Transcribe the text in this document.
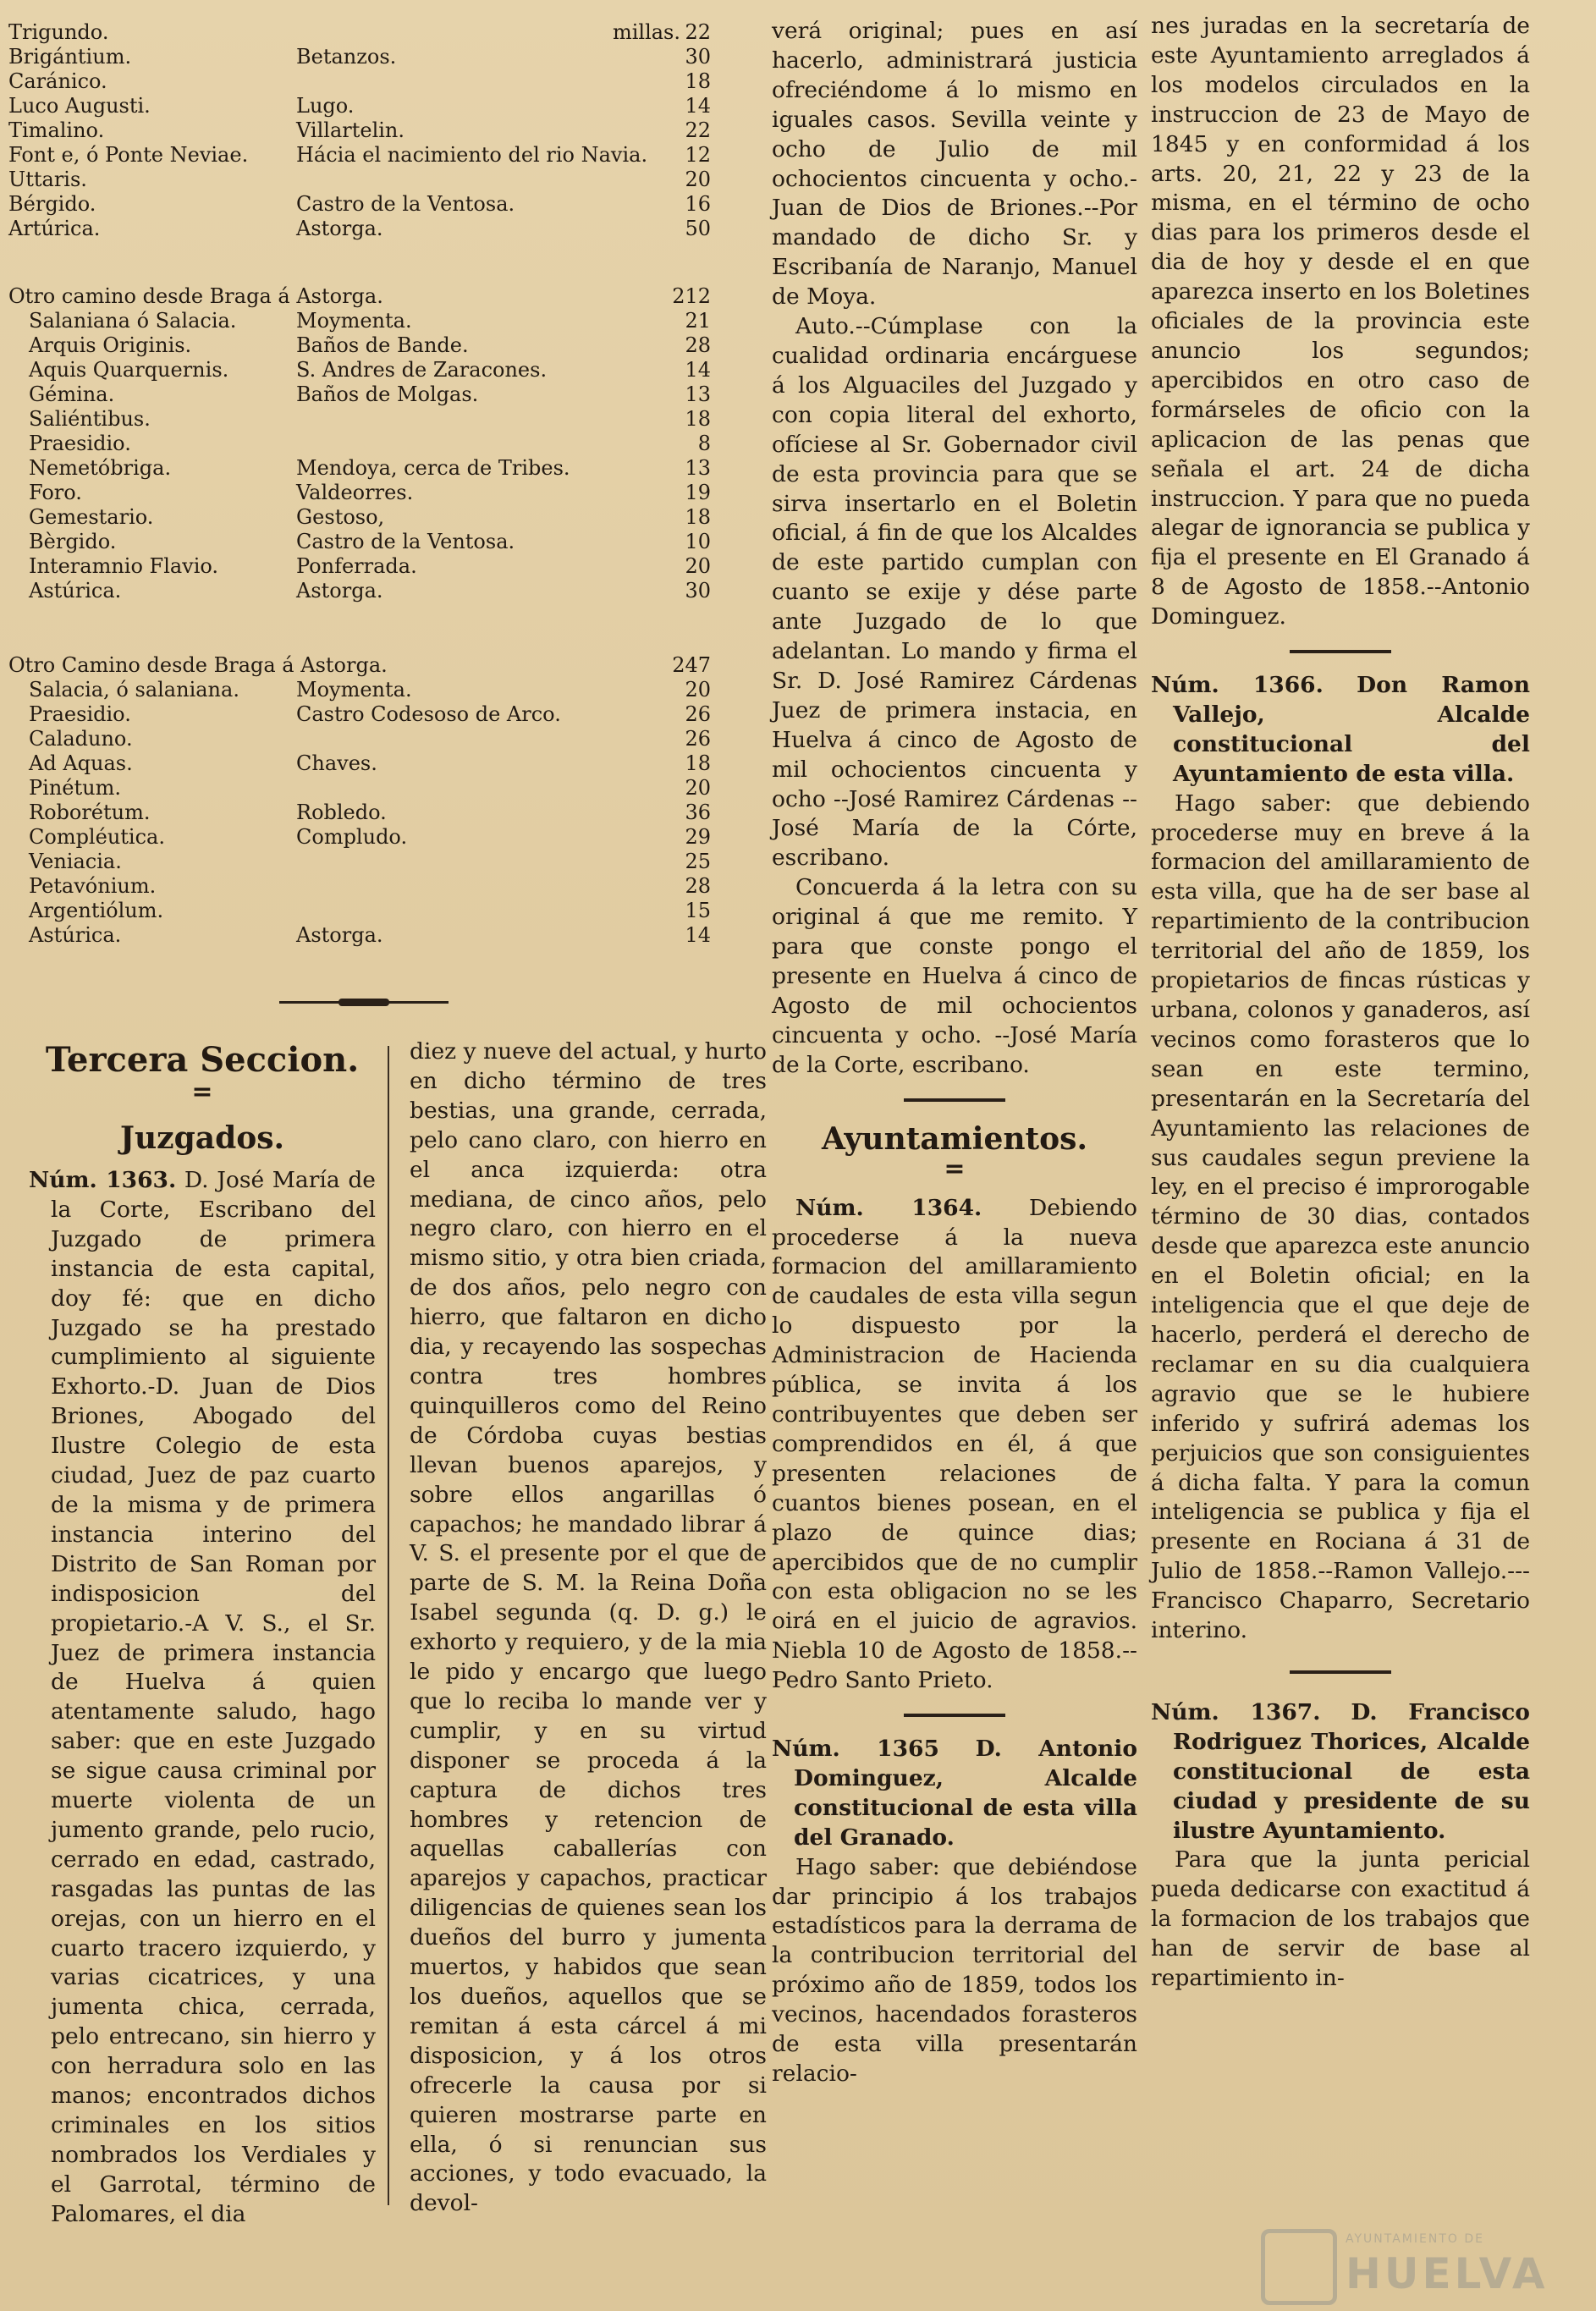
Trigundo.	22
millas.
Brigántium.	Betanzos.	30
Caránico.	18
Luco Augusti.	Lugo.	14
Timalino.	Villartelin.	22
Font e, ó Ponte Neviae. Hácia el nacimiento del rio Navia. 12
Uttaris.	20
Bérgido.	Castro de la Ventosa.	16
Artúrica.	Astorga.	50
Otro camino desde Braga á Astorga.	212
Salaniana ó Salacia.	Moymenta.	21
Arquis Originis.	Baños de Bande.	28
Aquis Quarquernis.	S. Andres de Zaracones.	14
Gémina.	Baños de Molgas.	13
Saliéntibus.	18
Praesidio.	8
Nemetóbriga.	Mendoya, cerca de Tribes.	13
Foro.	Valdeorres.	19
Gemestario.	Gestoso,	18
Bèrgido.	Castro de la Ventosa.	10
Interamnio Flavio.	Ponferrada.	20
Astúrica.	Astorga.	30
Otro Camino desde Braga á Astorga.	247
Salacia, ó salaniana.	Moymenta.	20
Praesidio.	Castro Codesoso de Arco.	26
Caladuno.	26
Ad Aquas.	Chaves.	18
Pinétum.	20
Roborétum.	Robledo.	36
Compléutica.	Compludo.	29
Veniacia.	25
Petavónium.	28
Argentiólum.	15
Astúrica.	Astorga.	14
Tercera Seccion.
=
Juzgados.

Núm. 1363. D. José María de la Corte, Escribano del Juzgado de primera instancia de esta capital, doy fé: que en dicho Juzgado se ha prestado cumplimiento al siguiente Exhorto.-D. Juan de Dios Briones, Abogado del Ilustre Colegio de esta ciudad, Juez de paz cuarto de la misma y de primera instancia interino del Distrito de San Roman por indisposicion del propietario.-A V. S., el Sr. Juez de primera instancia de Huelva á quien atentamente saludo, hago saber: que en este Juzgado se sigue causa criminal por muerte violenta de un jumento grande, pelo rucio, cerrado en edad, castrado, rasgadas las puntas de las orejas, con un hierro en el cuarto tracero izquierdo, y varias cicatrices, y una jumenta chica, cerrada, pelo entrecano, sin hierro y con herradura solo en las manos; encontrados dichos criminales en los sitios nombrados los Verdiales y el Garrotal, término de Palomares, el dia

diez y nueve del actual, y hurto en dicho término de tres bestias, una grande, cerrada, pelo cano claro, con hierro en el anca izquierda: otra mediana, de cinco años, pelo negro claro, con hierro en el mismo sitio, y otra bien criada, de dos años, pelo negro con hierro, que faltaron en dicho dia, y recayendo las sospechas contra tres hombres quinquilleros como del Reino de Córdoba cuyas bestias llevan buenos aparejos, y sobre ellos angarillas ó capachos; he mandado librar á V. S. el presente por el que de parte de S. M. la Reina Doña Isabel segunda (q. D. g.) le exhorto y requiero, y de la mia le pido y encargo que luego que lo reciba lo mande ver y cumplir, y en su virtud disponer se proceda á la captura de dichos tres hombres y retencion de aquellas caballerías con aparejos y capachos, practicar diligencias de quienes sean los dueños del burro y jumenta muertos, y habidos que sean los dueños, aquellos que se remitan á esta cárcel á mi disposicion, y á los otros ofrecerle la causa por si quieren mostrarse parte en ella, ó si renuncian sus acciones, y todo evacuado, la devol-

verá original; pues en así hacerlo, administrará justicia ofreciéndome á lo mismo en iguales casos. Sevilla veinte y ocho de Julio de mil ochocientos cincuenta y ocho.-Juan de Dios de Briones.--Por mandado de dicho Sr. y Escribanía de Naranjo, Manuel de Moya.

Auto.--Cúmplase con la cualidad ordinaria encárguese á los Alguaciles del Juzgado y con copia literal del exhorto, ofíciese al Sr. Gobernador civil de esta provincia para que se sirva insertarlo en el Boletin oficial, á fin de que los Alcaldes de este partido cumplan con cuanto se exije y dése parte ante Juzgado de lo que adelantan. Lo mando y firma el Sr. D. José Ramirez Cárdenas Juez de primera instacia, en Huelva á cinco de Agosto de mil ochocientos cincuenta y ocho --José Ramirez Cárdenas -- José María de la Córte, escribano.

Concuerda á la letra con su original á que me remito. Y para que conste pongo el presente en Huelva á cinco de Agosto de mil ochocientos cincuenta y ocho. --José María de la Corte, escribano.

Ayuntamientos.
=

Núm. 1364. Debiendo procederse á la nueva formacion del amillaramiento de caudales de esta villa segun lo dispuesto por la Administracion de Hacienda pública, se invita á los contribuyentes que deben ser comprendidos en él, á que presenten relaciones de cuantos bienes posean, en el plazo de quince dias; apercibidos que de no cumplir con esta obligacion no se les oirá en el juicio de agravios. Niebla 10 de Agosto de 1858.--Pedro Santo Prieto.

Núm. 1365 D. Antonio Dominguez, Alcalde constitucional de esta villa del Granado.

Hago saber: que debiéndose dar principio á los trabajos estadísticos para la derrama de la contribucion territorial del próximo año de 1859, todos los vecinos, hacendados forasteros de esta villa presentarán relacio-

nes juradas en la secretaría de este Ayuntamiento arreglados á los modelos circulados en la instruccion de 23 de Mayo de 1845 y en conformidad á los arts. 20, 21, 22 y 23 de la misma, en el término de ocho dias para los primeros desde el dia de hoy y desde el en que aparezca inserto en los Boletines oficiales de la provincia este anuncio los segundos; apercibidos en otro caso de formárseles de oficio con la aplicacion de las penas que señala el art. 24 de dicha instruccion. Y para que no pueda alegar de ignorancia se publica y fija el presente en El Granado á 8 de Agosto de 1858.--Antonio Dominguez.

Núm. 1366. Don Ramon Vallejo, Alcalde constitucional del Ayuntamiento de esta villa.

Hago saber: que debiendo procederse muy en breve á la formacion del amillaramiento de esta villa, que ha de ser base al repartimiento de la contribucion territorial del año de 1859, los propietarios de fincas rústicas y urbana, colonos y ganaderos, así vecinos como forasteros que lo sean en este termino, presentarán en la Secretaría del Ayuntamiento las relaciones de sus caudales segun previene la ley, en el preciso é improrogable término de 30 dias, contados desde que aparezca este anuncio en el Boletin oficial; en la inteligencia que el que deje de hacerlo, perderá el derecho de reclamar en su dia cualquiera agravio que se le hubiere inferido y sufrirá ademas los perjuicios que son consiguientes á dicha falta. Y para la comun inteligencia se publica y fija el presente en Rociana á 31 de Julio de 1858.--Ramon Vallejo.--- Francisco Chaparro, Secretario interino.

Núm. 1367. D. Francisco Rodriguez Thorices, Alcalde constitucional de esta ciudad y presidente de su ilustre Ayuntamiento.

Para que la junta pericial pueda dedicarse con exactitud á la formacion de los trabajos que han de servir de base al repartimiento in-

AYUNTAMIENTO DE
HUELVA
